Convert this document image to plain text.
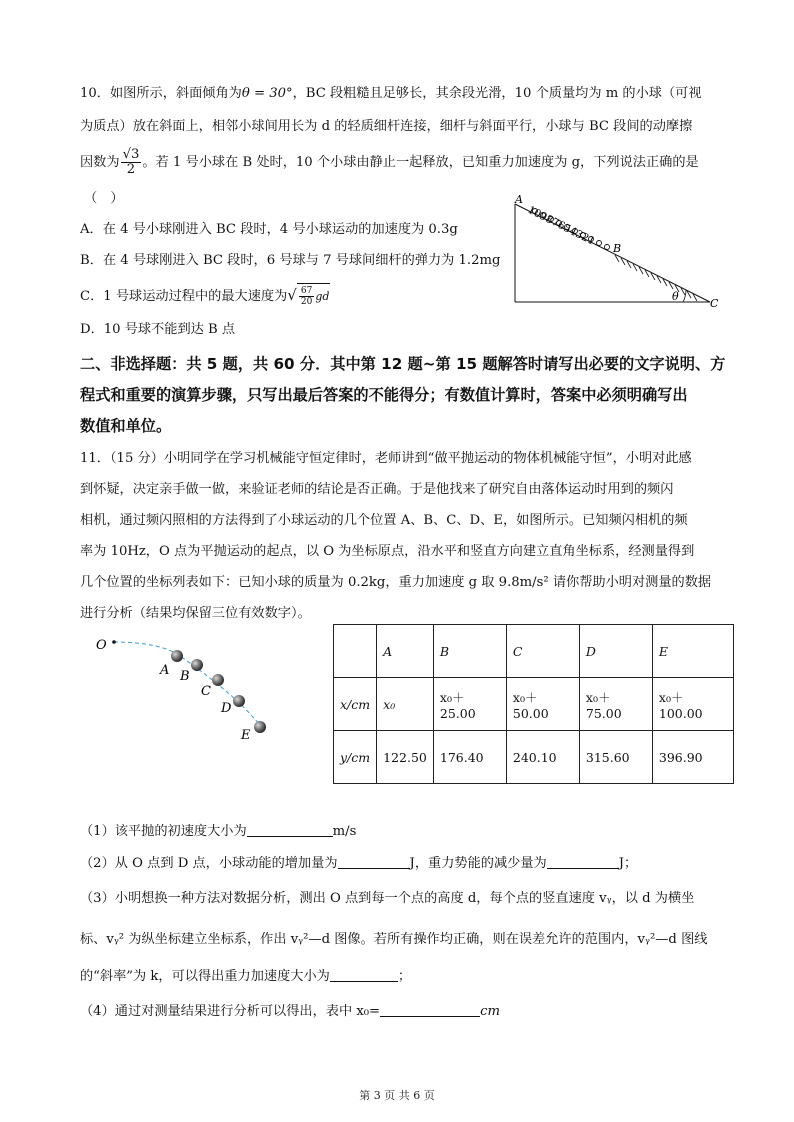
10．如图所示，斜面倾角为θ = 30°，BC 段粗糙且足够长，其余段光滑，10 个质量均为 m 的小球（可视
为质点）放在斜面上，相邻小球间用长为 d 的轻质细杆连接，细杆与斜面平行，小球与 BC 段间的动摩擦
因数为 $\frac{√3}{2}$ 。若 1 号小球在 B 处时，10 个小球由静止一起释放，已知重力加速度为 g，下列说法正确的是
（　）
A．在 4 号小球刚进入 BC 段时，4 号小球运动的加速度为 0.3g
B．在 4 号球刚进入 BC 段时，6 号球与 7 号球间细杆的弹力为 1.2mg
C．1 号球运动过程中的最大速度为√ $\frac{67}{20}$ gd
D．10 号球不能到达 B 点
10987654321
A
B
C
θ
二、非选择题：共 5 题，共 60 分．其中第 12 题~第 15 题解答时请写出必要的文字说明、方
程式和重要的演算步骤，只写出最后答案的不能得分；有数值计算时，答案中必须明确写出
数值和单位。
11．（15 分）小明同学在学习机械能守恒定律时，老师讲到“做平抛运动的物体机械能守恒”，小明对此感
到怀疑，决定亲手做一做，来验证老师的结论是否正确。于是他找来了研究自由落体运动时用到的频闪
相机，通过频闪照相的方法得到了小球运动的几个位置 A、B、C、D、E，如图所示。已知频闪相机的频
率为 10Hz，O 点为平抛运动的起点，以 O 为坐标原点，沿水平和竖直方向建立直角坐标系，经测量得到
几个位置的坐标列表如下：已知小球的质量为 0.2kg，重力加速度 g 取 9.8m/s² 请你帮助小明对测量的数据
进行分析（结果均保留三位有效数字）。
O
A B
C
D
E
	A	B	C	D	E
x/cm	x₀	x₀＋25.00	x₀＋50.00	x₀＋75.00	x₀＋100.00
y/cm	122.50	176.40	240.10	315.60	396.90
（1）该平抛的初速度大小为	m/s
（2）从 O 点到 D 点，小球动能的增加量为	J，重力势能的减少量为	J；
（3）小明想换一种方法对数据分析，测出 O 点到每一个点的高度 d，每个点的竖直速度 vᵧ，以 d 为横坐
标、vᵧ² 为纵坐标建立坐标系，作出 vᵧ²—d 图像。若所有操作均正确，则在误差允许的范围内，vᵧ²—d 图线
的“斜率”为 k，可以得出重力加速度大小为	；
（4）通过对测量结果进行分析可以得出，表中 x₀=	cm
第 3 页 共 6 页
